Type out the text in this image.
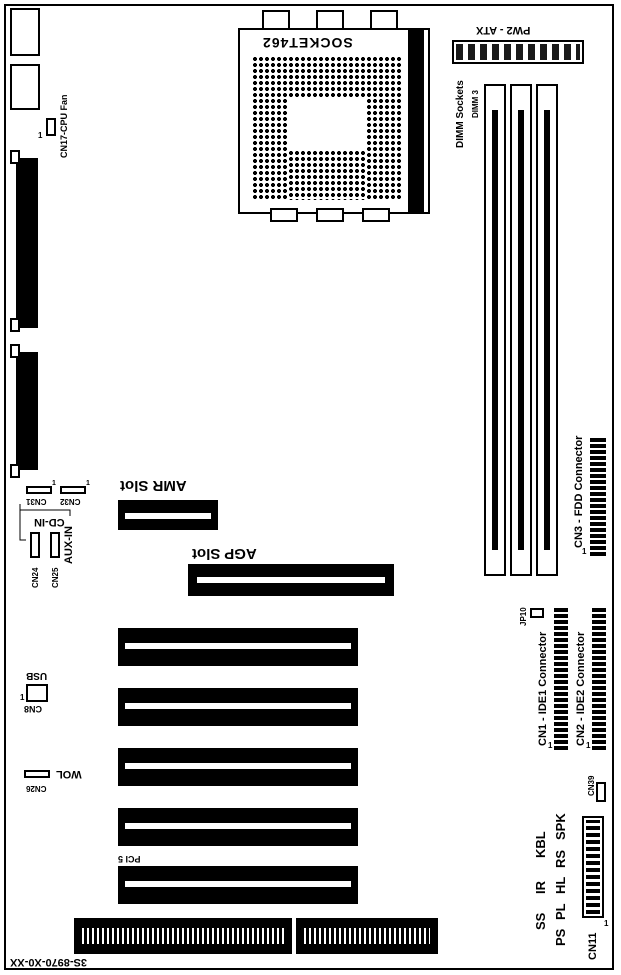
1 CN17-CPU Fan
SOCKET462
PW2 - ATX
DIMM Sockets DIMM 3
CN3 - FDD Connector
1
1	1
CN31 CN32
CD-IN
CN24 CN25
AUX-IN
AMR Slot
AGP Slot
PCI 5
USB
1
CN8
WOL
CN26
JP10
CN1 - IDE1 Connector 1 CN2 - IDE2 Connector 1
CN39
KBL
SPK
RS
HL
PL
PS
IR
SS
CN11
1
3S-8970-X0-XX
